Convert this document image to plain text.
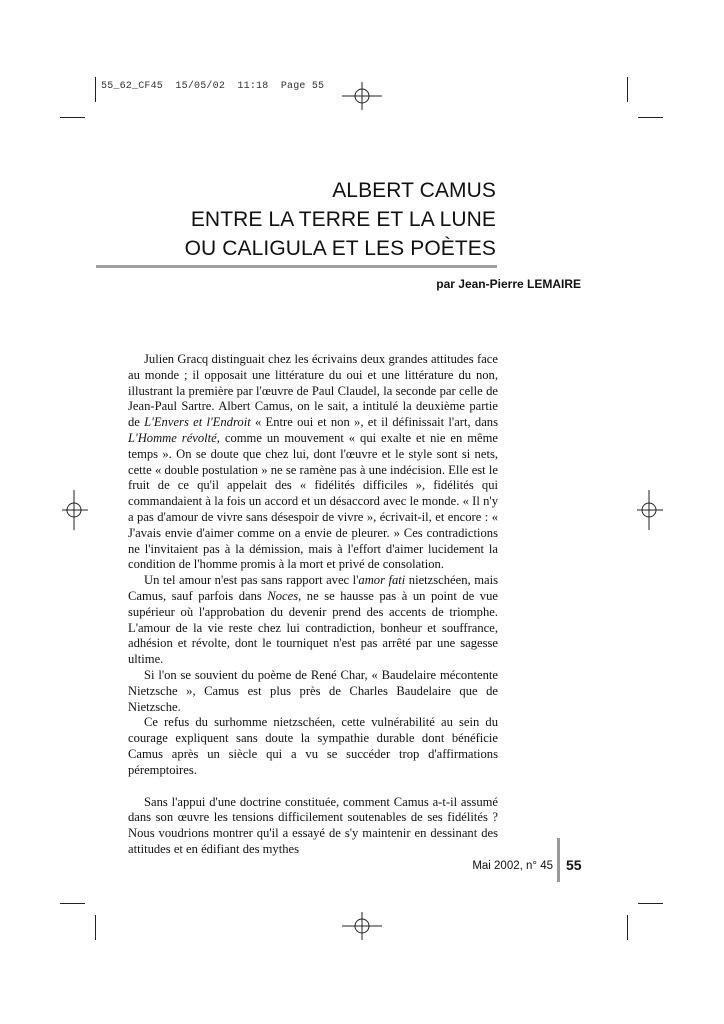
55_62_CF45  15/05/02  11:18  Page 55
ALBERT CAMUS
ENTRE LA TERRE ET LA LUNE
OU CALIGULA ET LES POÈTES
par Jean-Pierre LEMAIRE

Julien Gracq distinguait chez les écrivains deux grandes attitudes face au monde ; il opposait une littérature du oui et une littérature du non, illustrant la première par l'œuvre de Paul Claudel, la seconde par celle de Jean-Paul Sartre. Albert Camus, on le sait, a intitulé la deuxième partie de L'Envers et l'Endroit « Entre oui et non », et il définissait l'art, dans L'Homme révolté, comme un mouvement « qui exalte et nie en même temps ». On se doute que chez lui, dont l'œuvre et le style sont si nets, cette « double postulation » ne se ramène pas à une indécision. Elle est le fruit de ce qu'il appelait des « fidélités difficiles », fidélités qui commandaient à la fois un accord et un désaccord avec le monde. « Il n'y a pas d'amour de vivre sans désespoir de vivre », écrivait-il, et encore : « J'avais envie d'aimer comme on a envie de pleurer. » Ces contradictions ne l'invitaient pas à la démission, mais à l'effort d'aimer lucidement la condition de l'homme promis à la mort et privé de consolation.

Un tel amour n'est pas sans rapport avec l'amor fati nietzschéen, mais Camus, sauf parfois dans Noces, ne se hausse pas à un point de vue supérieur où l'approbation du devenir prend des accents de triomphe. L'amour de la vie reste chez lui contradiction, bonheur et souffrance, adhésion et révolte, dont le tourniquet n'est pas arrêté par une sagesse ultime.

Si l'on se souvient du poème de René Char, « Baudelaire mécontente Nietzsche », Camus est plus près de Charles Baudelaire que de Nietzsche.

Ce refus du surhomme nietzschéen, cette vulnérabilité au sein du courage expliquent sans doute la sympathie durable dont bénéficie Camus après un siècle qui a vu se succéder trop d'affirmations péremptoires.

Sans l'appui d'une doctrine constituée, comment Camus a-t-il assumé dans son œuvre les tensions difficilement soutenables de ses fidélités ? Nous voudrions montrer qu'il a essayé de s'y maintenir en dessinant des attitudes et en édifiant des mythes

Mai 2002, n° 45 55
